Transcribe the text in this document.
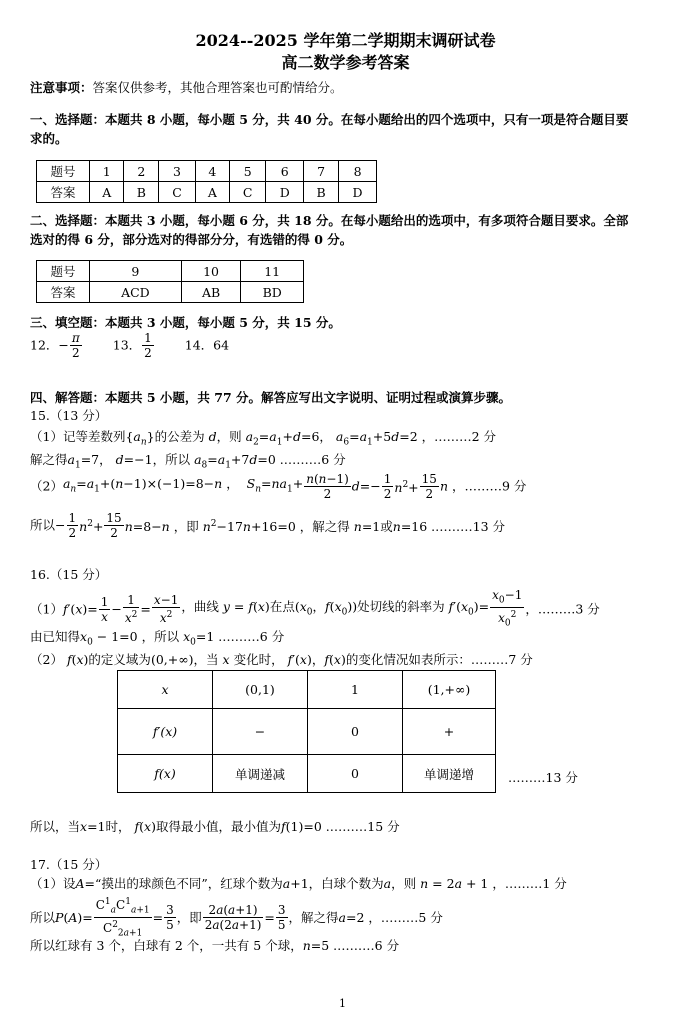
2024--2025 学年第二学期期末调研试卷
高二数学参考答案
注意事项：答案仅供参考，其他合理答案也可酌情给分。
一、选择题：本题共 8 小题，每小题 5 分，共 40 分。在每小题给出的四个选项中，只有一项是符合题目要
求的。
题号	1	2	3	4	5	6	7	8
答案	A	B	C	A	C	D	B	D
二、选择题：本题共 3 小题，每小题 6 分，共 18 分。在每小题给出的选项中，有多项符合题目要求。全部
选对的得 6 分，部分选对的得部分分，有选错的得 0 分。
题号	9	10	11
答案	ACD	AB	BD
三、填空题：本题共 3 小题，每小题 5 分，共 15 分。
12．− $\frac{\pi}{2} 13$． $\frac{1}{2} 14$．64
四、解答题：本题共 5 小题，共 77 分。解答应写出文字说明、证明过程或演算步骤。
15.（13 分）
（1）记等差数列$\{a_n\}$的公差为 d，则 $a_2=a_1+d=6$， $a_6=a_1+5d=2$ ，………2 分
解之得$a_1=7$， d=−1，所以 $a_8=a_1+7d=0$ .………6 分
$(2)a_n=a_1+(n-1)\times(-1)=8-n$ ，  $S_n=na_1+ \frac{n(n-1)}{2} d=- \frac{1}{2} n^2+ \frac{15}{2}$ n ，………9 分
所以− $\frac{1}{2} n^2+ \frac{15}{2} n=8-n$ ，即 $n^2-17n+16=0$ ，解之得 n=1或n=16 .………13 分
16.（15 分）
$(1)f'(x)= \frac{1}{x} - \frac{1}{x^2} = \frac{x-1}{x^2}$ ，曲线 y = f(x)在点($x_0$，$f(x_0)$)处切线的斜率为 $f'(x_0)= \frac{x_0-1}{x_0^2}$ ，………3 分
由已知得$x_0 - 1=0$ ，所以 $x_0=1$ .………6 分
（2） f(x)的定义域为(0,+∞)，当 x 变化时， f′(x)，f(x)的变化情况如表所示：………7 分
x	(0,1)	1	(1,+∞)
f′(x)	−	0	+
f(x)	单调递减	0	单调递增	………13 分
所以，当x=1时， f(x)取得最小值，最小值为f(1)=0 .………15 分
17.（15 分）
（1）设A=“摸出的球颜色不同”，红球个数为a+1，白球个数为a，则 n = 2a + 1 ，………1 分
所以$P(A)= \frac{C^1_aC^1_{a+1}}{C^2_{2a+1}} = \frac{3}{5}$ ，即 $\frac{2a(a+1)}{2a(2a+1)} = \frac{3}{5}$ ，解之得a=2 ，………5 分
所以红球有 3 个，白球有 2 个，一共有 5 个球，n=5 .………6 分
1
